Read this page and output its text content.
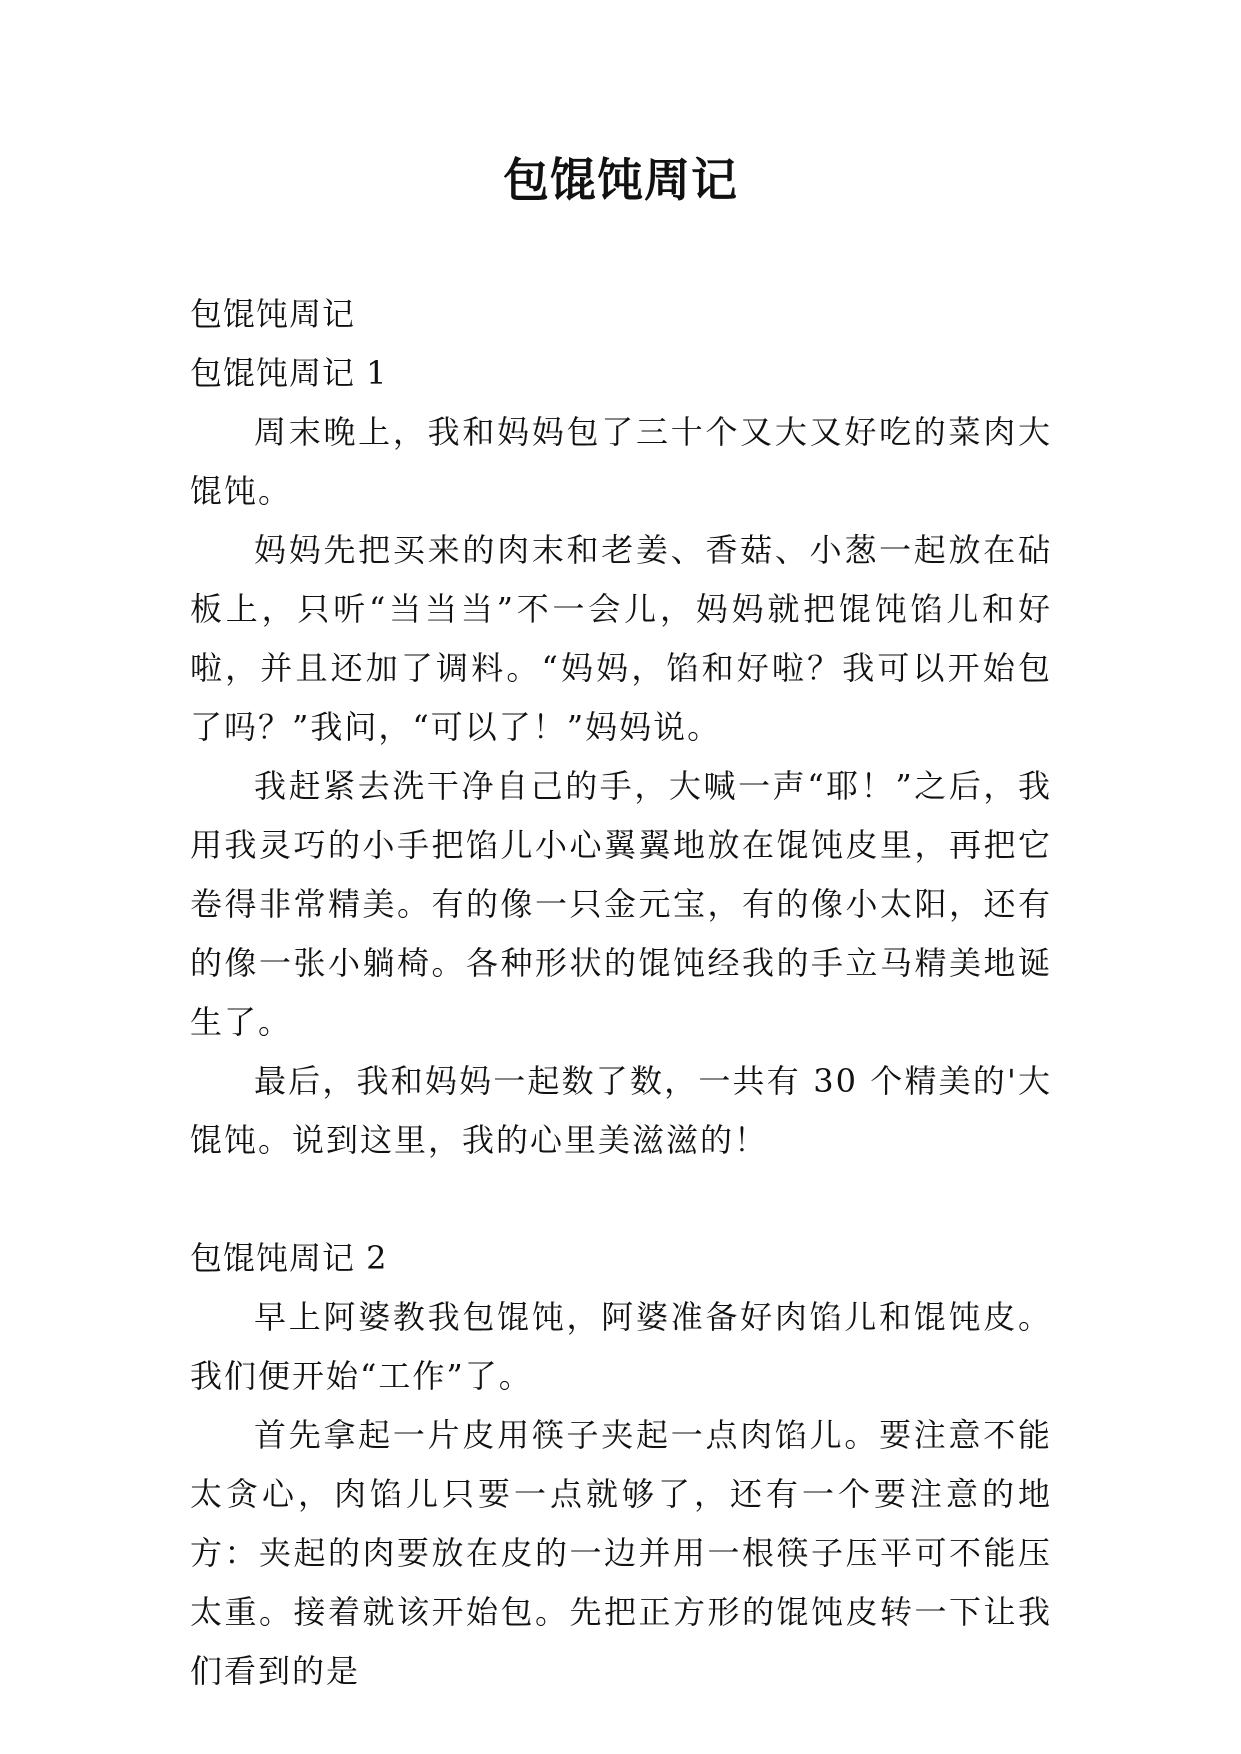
包馄饨周记

包馄饨周记

包馄饨周记 1

周末晚上，我和妈妈包了三十个又大又好吃的菜肉大馄饨。

妈妈先把买来的肉末和老姜、香菇、小葱一起放在砧板上，只听“当当当”不一会儿，妈妈就把馄饨馅儿和好啦，并且还加了调料。“妈妈，馅和好啦？我可以开始包了吗？”我问，“可以了！”妈妈说。

我赶紧去洗干净自己的手，大喊一声“耶！”之后，我用我灵巧的小手把馅儿小心翼翼地放在馄饨皮里，再把它卷得非常精美。有的像一只金元宝，有的像小太阳，还有的像一张小躺椅。各种形状的馄饨经我的手立马精美地诞生了。

最后，我和妈妈一起数了数，一共有 30 个精美的'大馄饨。说到这里，我的心里美滋滋的！

包馄饨周记 2

早上阿婆教我包馄饨，阿婆准备好肉馅儿和馄饨皮。我们便开始“工作”了。

首先拿起一片皮用筷子夹起一点肉馅儿。要注意不能太贪心，肉馅儿只要一点就够了，还有一个要注意的地方：夹起的肉要放在皮的一边并用一根筷子压平可不能压太重。接着就该开始包。先把正方形的馄饨皮转一下让我们看到的是
